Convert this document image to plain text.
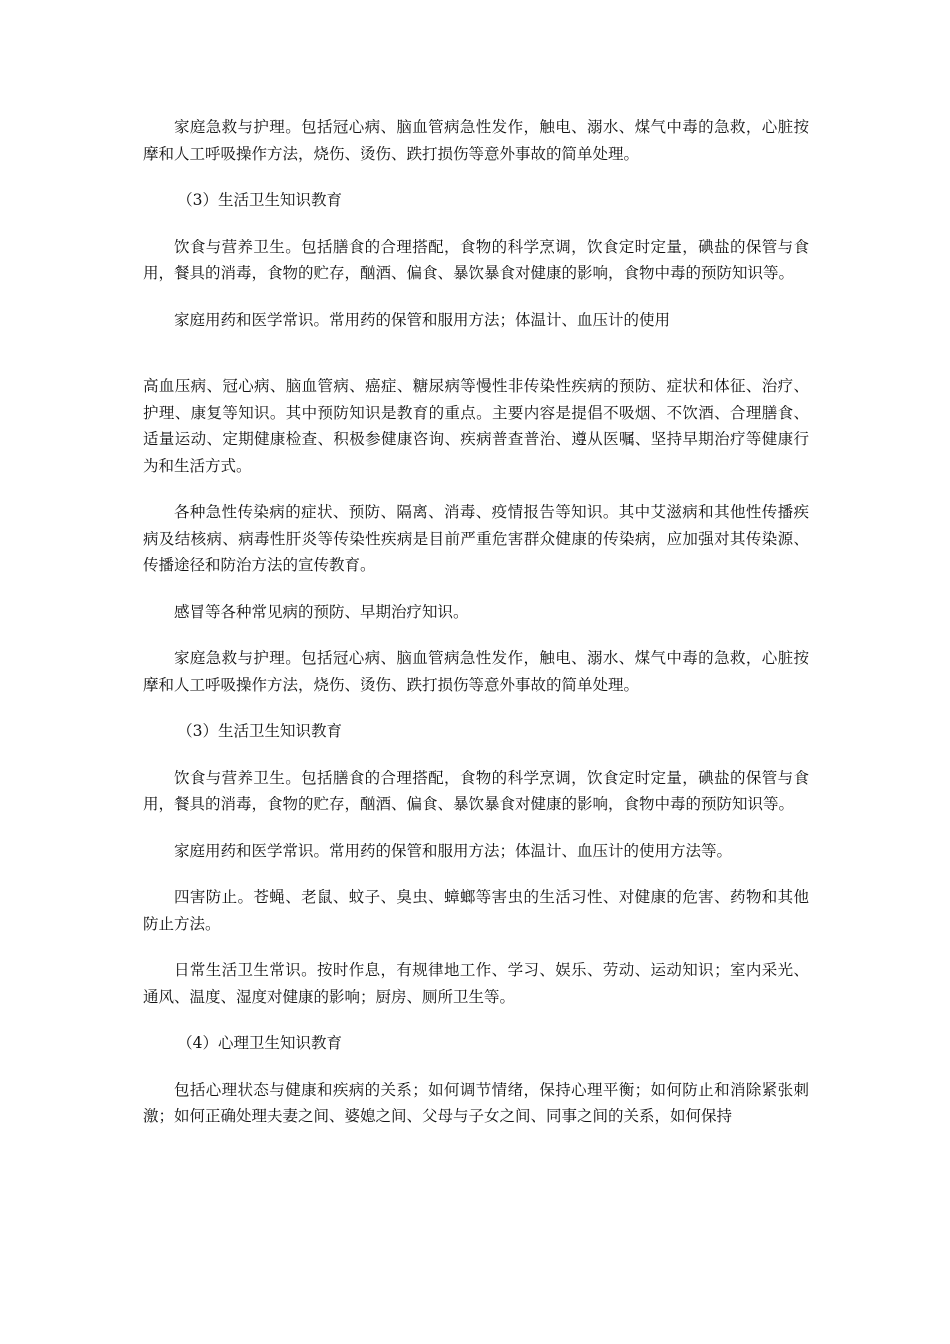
家庭急救与护理。包括冠心病、脑血管病急性发作，触电、溺水、煤气中毒的急救，心脏按摩和人工呼吸操作方法，烧伤、烫伤、跌打损伤等意外事故的简单处理。

（3）生活卫生知识教育

饮食与营养卫生。包括膳食的合理搭配，食物的科学烹调，饮食定时定量，碘盐的保管与食用，餐具的消毒，食物的贮存，酗酒、偏食、暴饮暴食对健康的影响，食物中毒的预防知识等。

家庭用药和医学常识。常用药的保管和服用方法；体温计、血压计的使用

高血压病、冠心病、脑血管病、癌症、糖尿病等慢性非传染性疾病的预防、症状和体征、治疗、护理、康复等知识。其中预防知识是教育的重点。主要内容是提倡不吸烟、不饮酒、合理膳食、适量运动、定期健康检查、积极参健康咨询、疾病普查普治、遵从医嘱、坚持早期治疗等健康行为和生活方式。

各种急性传染病的症状、预防、隔离、消毒、疫情报告等知识。其中艾滋病和其他性传播疾病及结核病、病毒性肝炎等传染性疾病是目前严重危害群众健康的传染病，应加强对其传染源、传播途径和防治方法的宣传教育。

感冒等各种常见病的预防、早期治疗知识。

家庭急救与护理。包括冠心病、脑血管病急性发作，触电、溺水、煤气中毒的急救，心脏按摩和人工呼吸操作方法，烧伤、烫伤、跌打损伤等意外事故的简单处理。

（3）生活卫生知识教育

饮食与营养卫生。包括膳食的合理搭配，食物的科学烹调，饮食定时定量，碘盐的保管与食用，餐具的消毒，食物的贮存，酗酒、偏食、暴饮暴食对健康的影响，食物中毒的预防知识等。

家庭用药和医学常识。常用药的保管和服用方法；体温计、血压计的使用方法等。

四害防止。苍蝇、老鼠、蚊子、臭虫、蟑螂等害虫的生活习性、对健康的危害、药物和其他防止方法。

日常生活卫生常识。按时作息，有规律地工作、学习、娱乐、劳动、运动知识；室内采光、通风、温度、湿度对健康的影响；厨房、厕所卫生等。

（4）心理卫生知识教育

包括心理状态与健康和疾病的关系；如何调节情绪，保持心理平衡；如何防止和消除紧张刺激；如何正确处理夫妻之间、婆媳之间、父母与子女之间、同事之间的关系，如何保持
